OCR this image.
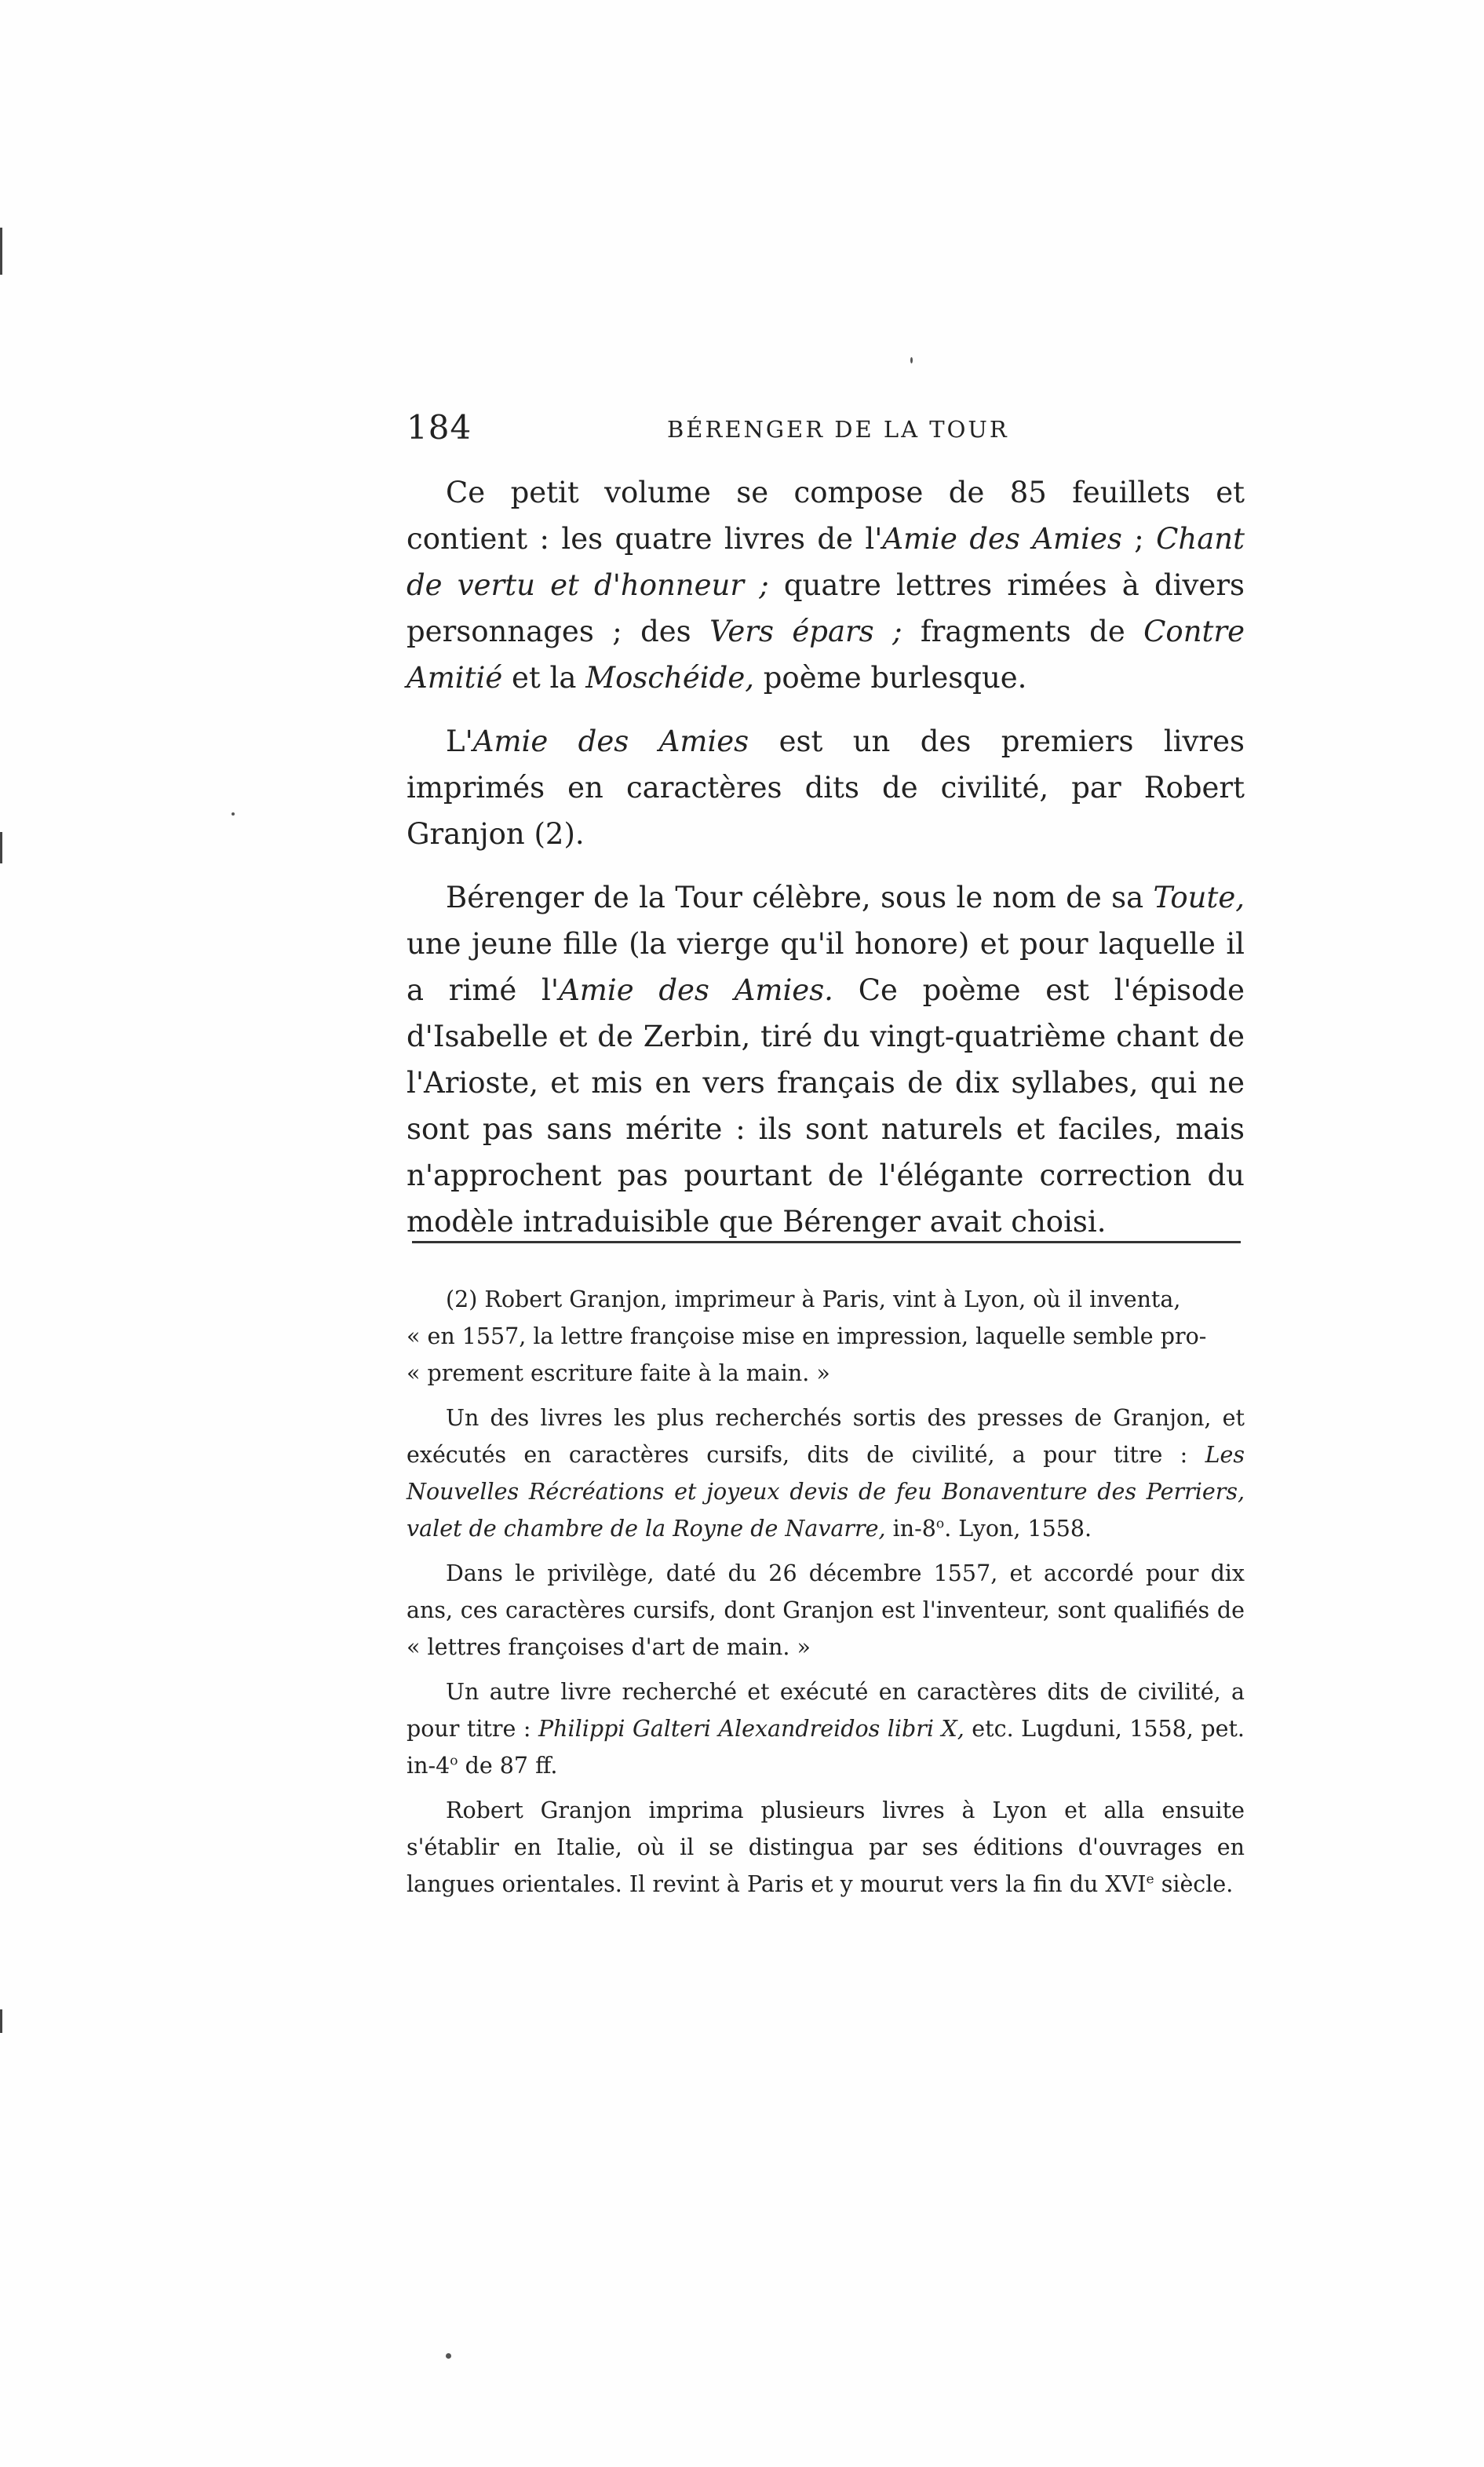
184	BÉRENGER DE LA TOUR

Ce petit volume se compose de 85 feuillets et contient : les quatre livres de l'Amie des Amies ; Chant de vertu et d'honneur ; quatre lettres rimées à divers personnages ; des Vers épars ; fragments de Contre Amitié et la Moschéide, poème burlesque.

L'Amie des Amies est un des premiers livres imprimés en caractères dits de civilité, par Robert Granjon (2).

Bérenger de la Tour célèbre, sous le nom de sa Toute, une jeune fille (la vierge qu'il honore) et pour laquelle il a rimé l'Amie des Amies. Ce poème est l'épisode d'Isabelle et de Zerbin, tiré du vingt-quatrième chant de l'Arioste, et mis en vers français de dix syllabes, qui ne sont pas sans mérite : ils sont naturels et faciles, mais n'approchent pas pourtant de l'élégante correction du modèle intraduisible que Bérenger avait choisi.

(2) Robert Granjon, imprimeur à Paris, vint à Lyon, où il inventa,
« en 1557, la lettre françoise mise en impression, laquelle semble pro-
« prement escriture faite à la main. »

Un des livres les plus recherchés sortis des presses de Granjon, et exécutés en caractères cursifs, dits de civilité, a pour titre : Les Nouvelles Récréations et joyeux devis de feu Bonaventure des Perriers, valet de chambre de la Royne de Navarre, in-8$^o$. Lyon, 1558.

Dans le privilège, daté du 26 décembre 1557, et accordé pour dix ans, ces caractères cursifs, dont Granjon est l'inventeur, sont qualifiés de « lettres françoises d'art de main. »

Un autre livre recherché et exécuté en caractères dits de civilité, a pour titre : Philippi Galteri Alexandreidos libri X, etc. Lugduni, 1558, pet. in-4$^o$ de 87 ff.

Robert Granjon imprima plusieurs livres à Lyon et alla ensuite s'établir en Italie, où il se distingua par ses éditions d'ouvrages en langues orientales. Il revint à Paris et y mourut vers la fin du XVIe siècle.
